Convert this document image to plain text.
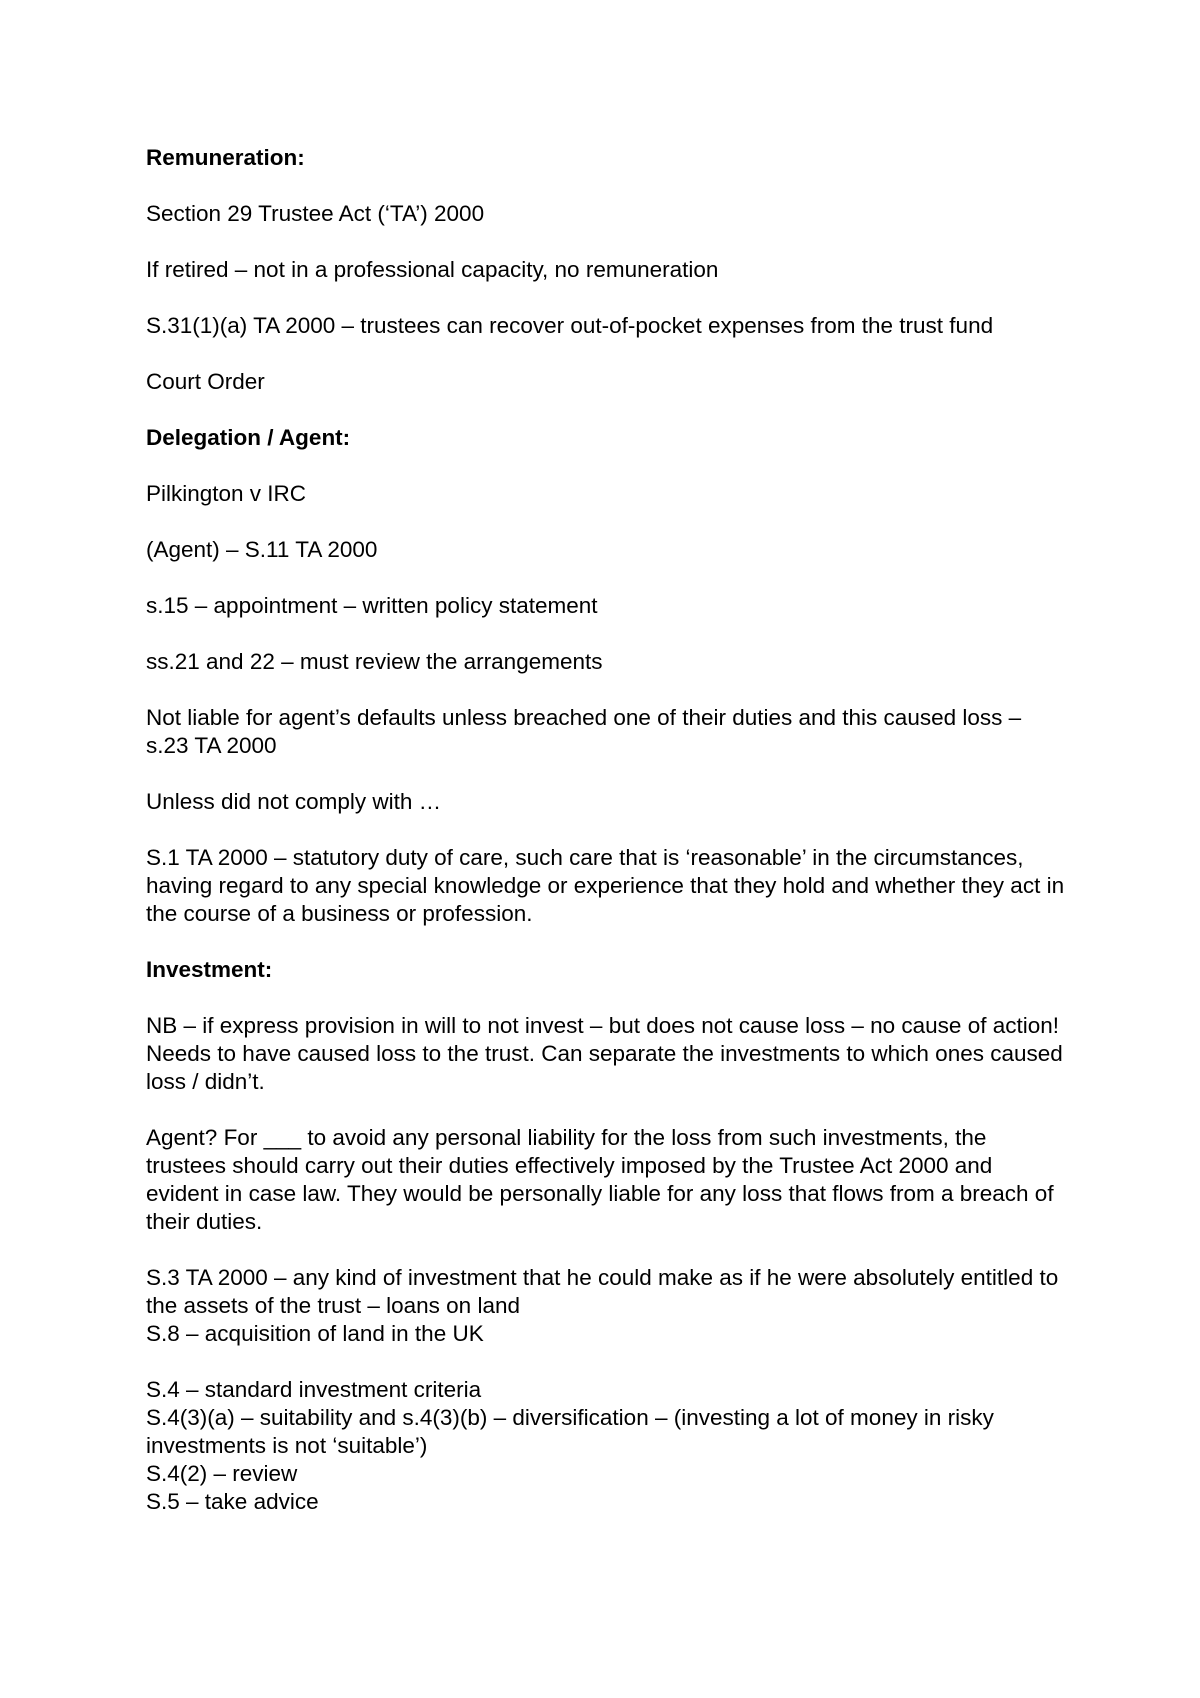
Remuneration:

Section 29 Trustee Act (‘TA’) 2000

If retired – not in a professional capacity, no remuneration

S.31(1)(a) TA 2000 – trustees can recover out-of-pocket expenses from the trust fund

Court Order

Delegation / Agent:

Pilkington v IRC

(Agent) – S.11 TA 2000

s.15 – appointment – written policy statement

ss.21 and 22 – must review the arrangements

Not liable for agent’s defaults unless breached one of their duties and this caused loss – s.23 TA 2000

Unless did not comply with …

S.1 TA 2000 – statutory duty of care, such care that is ‘reasonable’ in the circumstances, having regard to any special knowledge or experience that they hold and whether they act in the course of a business or profession.

Investment:

NB – if express provision in will to not invest – but does not cause loss – no cause of action! Needs to have caused loss to the trust. Can separate the investments to which ones caused loss / didn’t.

Agent? For ___ to avoid any personal liability for the loss from such investments, the trustees should carry out their duties effectively imposed by the Trustee Act 2000 and evident in case law. They would be personally liable for any loss that flows from a breach of their duties.

S.3 TA 2000 – any kind of investment that he could make as if he were absolutely entitled to the assets of the trust – loans on land

S.8 – acquisition of land in the UK

S.4 – standard investment criteria

S.4(3)(a) – suitability and s.4(3)(b) – diversification – (investing a lot of money in risky investments is not ‘suitable’)

S.4(2) – review

S.5 – take advice
